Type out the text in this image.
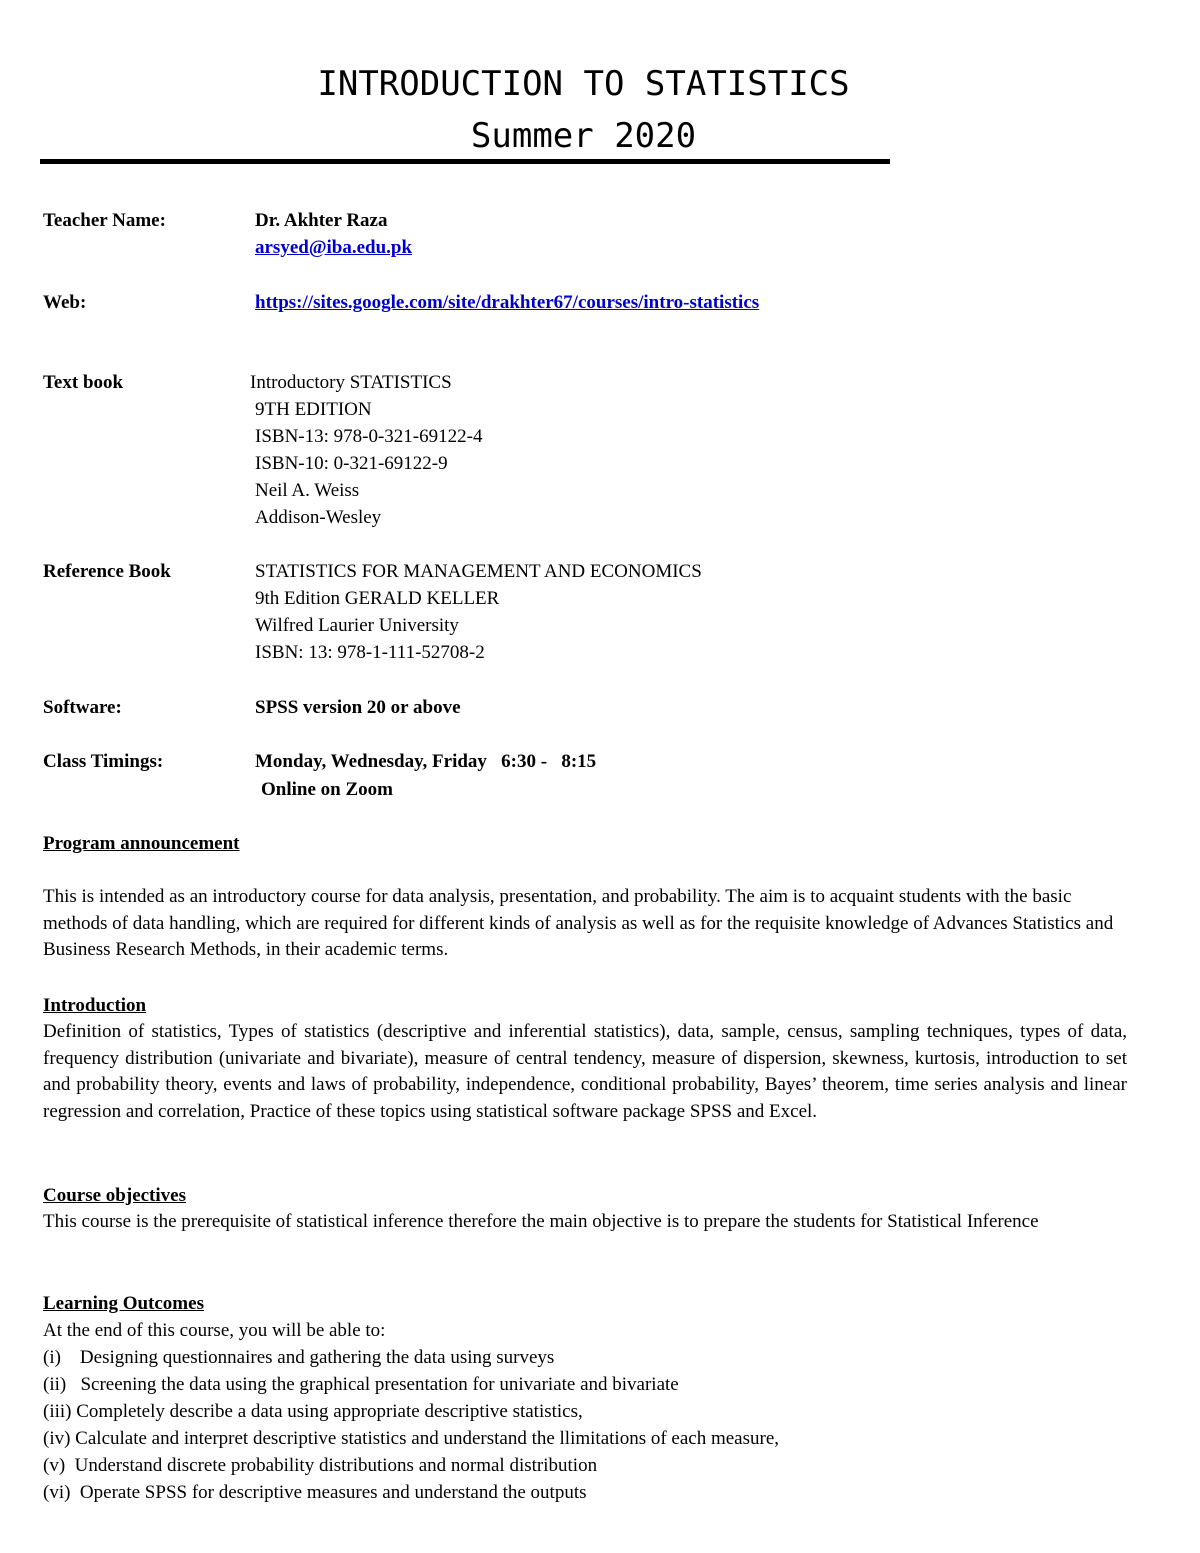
INTRODUCTION TO STATISTICS
Summer 2020
Teacher Name:	Dr. Akhter Raza
arsyed@iba.edu.pk
Web:	https://sites.google.com/site/drakhter67/courses/intro-statistics
Text book	Introductory STATISTICS
9TH EDITION
ISBN-13: 978-0-321-69122-4
ISBN-10: 0-321-69122-9
Neil A. Weiss
Addison-Wesley
Reference Book	STATISTICS FOR MANAGEMENT AND ECONOMICS
9th Edition GERALD KELLER
Wilfred Laurier University
ISBN: 13: 978-1-111-52708-2
Software:	SPSS version 20 or above
Class Timings:	Monday, Wednesday, Friday   6:30 -   8:15
Online on Zoom
Program announcement
This is intended as an introductory course for data analysis, presentation, and probability. The aim is to acquaint students with the basic methods of data handling, which are required for different kinds of analysis as well as for the requisite knowledge of Advances Statistics and Business Research Methods, in their academic terms.
Introduction
Definition of statistics, Types of statistics (descriptive and inferential statistics), data, sample, census, sampling techniques, types of data, frequency distribution (univariate and bivariate), measure of central tendency, measure of dispersion, skewness, kurtosis, introduction to set and probability theory, events and laws of probability, independence, conditional probability, Bayes’ theorem, time series analysis and linear regression and correlation, Practice of these topics using statistical software package SPSS and Excel.
Course objectives
This course is the prerequisite of statistical inference therefore the main objective is to prepare the students for Statistical Inference
Learning Outcomes
At the end of this course, you will be able to:
(i)    Designing questionnaires and gathering the data using surveys
(ii)   Screening the data using the graphical presentation for univariate and bivariate
(iii) Completely describe a data using appropriate descriptive statistics,
(iv) Calculate and interpret descriptive statistics and understand the llimitations of each measure,
(v)  Understand discrete probability distributions and normal distribution
(vi)  Operate SPSS for descriptive measures and understand the outputs
